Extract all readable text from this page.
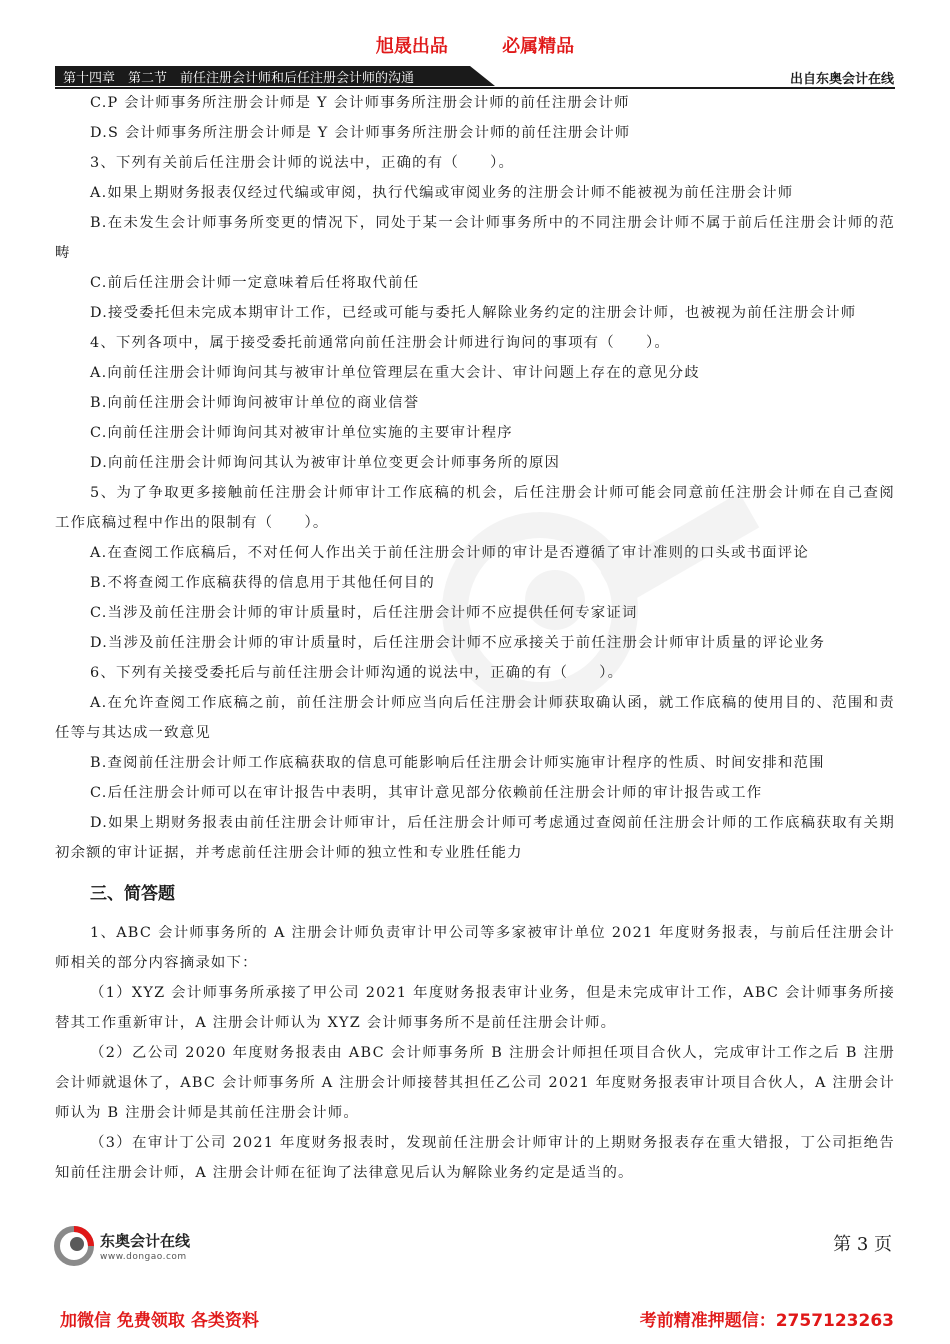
旭晟出品	必属精品
第十四章　第二节　前任注册会计师和后任注册会计师的沟通	出自东奥会计在线

C.P 会计师事务所注册会计师是 Y 会计师事务所注册会计师的前任注册会计师

D.S 会计师事务所注册会计师是 Y 会计师事务所注册会计师的前任注册会计师

3、下列有关前后任注册会计师的说法中，正确的有（　　）。

A.如果上期财务报表仅经过代编或审阅，执行代编或审阅业务的注册会计师不能被视为前任注册会计师

B.在未发生会计师事务所变更的情况下，同处于某一会计师事务所中的不同注册会计师不属于前后任注册会计师的范畴

C.前后任注册会计师一定意味着后任将取代前任

D.接受委托但未完成本期审计工作，已经或可能与委托人解除业务约定的注册会计师，也被视为前任注册会计师

4、下列各项中，属于接受委托前通常向前任注册会计师进行询问的事项有（　　）。

A.向前任注册会计师询问其与被审计单位管理层在重大会计、审计问题上存在的意见分歧

B.向前任注册会计师询问被审计单位的商业信誉

C.向前任注册会计师询问其对被审计单位实施的主要审计程序

D.向前任注册会计师询问其认为被审计单位变更会计师事务所的原因

5、为了争取更多接触前任注册会计师审计工作底稿的机会，后任注册会计师可能会同意前任注册会计师在自己查阅工作底稿过程中作出的限制有（　　）。

A.在查阅工作底稿后，不对任何人作出关于前任注册会计师的审计是否遵循了审计准则的口头或书面评论

B.不将查阅工作底稿获得的信息用于其他任何目的

C.当涉及前任注册会计师的审计质量时，后任注册会计师不应提供任何专家证词

D.当涉及前任注册会计师的审计质量时，后任注册会计师不应承接关于前任注册会计师审计质量的评论业务

6、下列有关接受委托后与前任注册会计师沟通的说法中，正确的有（　　）。

A.在允许查阅工作底稿之前，前任注册会计师应当向后任注册会计师获取确认函，就工作底稿的使用目的、范围和责任等与其达成一致意见

B.查阅前任注册会计师工作底稿获取的信息可能影响后任注册会计师实施审计程序的性质、时间安排和范围

C.后任注册会计师可以在审计报告中表明，其审计意见部分依赖前任注册会计师的审计报告或工作

D.如果上期财务报表由前任注册会计师审计，后任注册会计师可考虑通过查阅前任注册会计师的工作底稿获取有关期初余额的审计证据，并考虑前任注册会计师的独立性和专业胜任能力

三、简答题

1、ABC 会计师事务所的 A 注册会计师负责审计甲公司等多家被审计单位 2021 年度财务报表，与前后任注册会计师相关的部分内容摘录如下：

（1）XYZ 会计师事务所承接了甲公司 2021 年度财务报表审计业务，但是未完成审计工作，ABC 会计师事务所接替其工作重新审计，A 注册会计师认为 XYZ 会计师事务所不是前任注册会计师。

（2）乙公司 2020 年度财务报表由 ABC 会计师事务所 B 注册会计师担任项目合伙人，完成审计工作之后 B 注册会计师就退休了，ABC 会计师事务所 A 注册会计师接替其担任乙公司 2021 年度财务报表审计项目合伙人，A 注册会计师认为 B 注册会计师是其前任注册会计师。

（3）在审计丁公司 2021 年度财务报表时，发现前任注册会计师审计的上期财务报表存在重大错报，丁公司拒绝告知前任注册会计师，A 注册会计师在征询了法律意见后认为解除业务约定是适当的。

东奥会计在线
www.dongao.com
第 3 页
加微信 免费领取 各类资料	考前精准押题信：2757123263
